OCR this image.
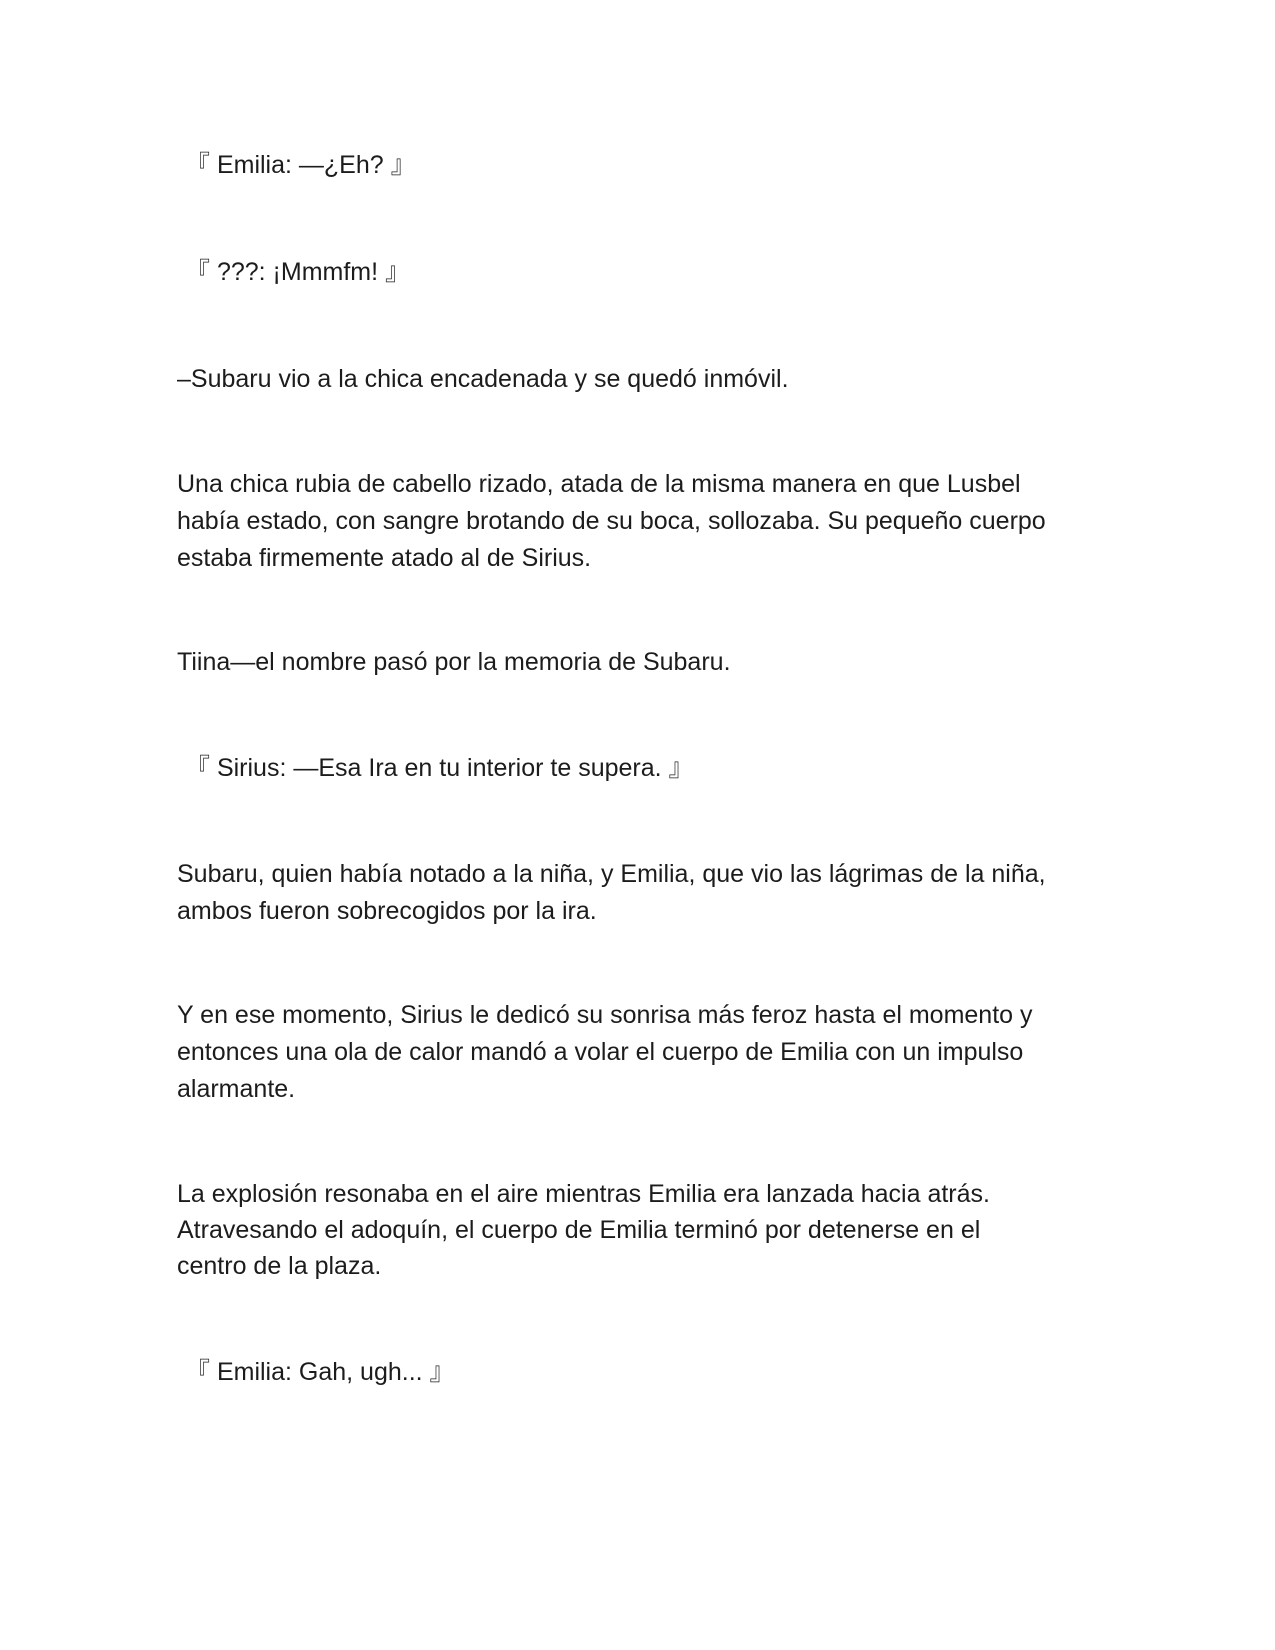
『 Emilia: —¿Eh? 』
『 ???: ¡Mmmfm! 』
–Subaru vio a la chica encadenada y se quedó inmóvil.
Una chica rubia de cabello rizado, atada de la misma manera en que Lusbel
había estado, con sangre brotando de su boca, sollozaba. Su pequeño cuerpo
estaba firmemente atado al de Sirius.
Tiina—el nombre pasó por la memoria de Subaru.
『 Sirius: —Esa Ira en tu interior te supera. 』
Subaru, quien había notado a la niña, y Emilia, que vio las lágrimas de la niña,
ambos fueron sobrecogidos por la ira.
Y en ese momento, Sirius le dedicó su sonrisa más feroz hasta el momento y
entonces una ola de calor mandó a volar el cuerpo de Emilia con un impulso
alarmante.
La explosión resonaba en el aire mientras Emilia era lanzada hacia atrás.
Atravesando el adoquín, el cuerpo de Emilia terminó por detenerse en el
centro de la plaza.
『 Emilia: Gah, ugh... 』
